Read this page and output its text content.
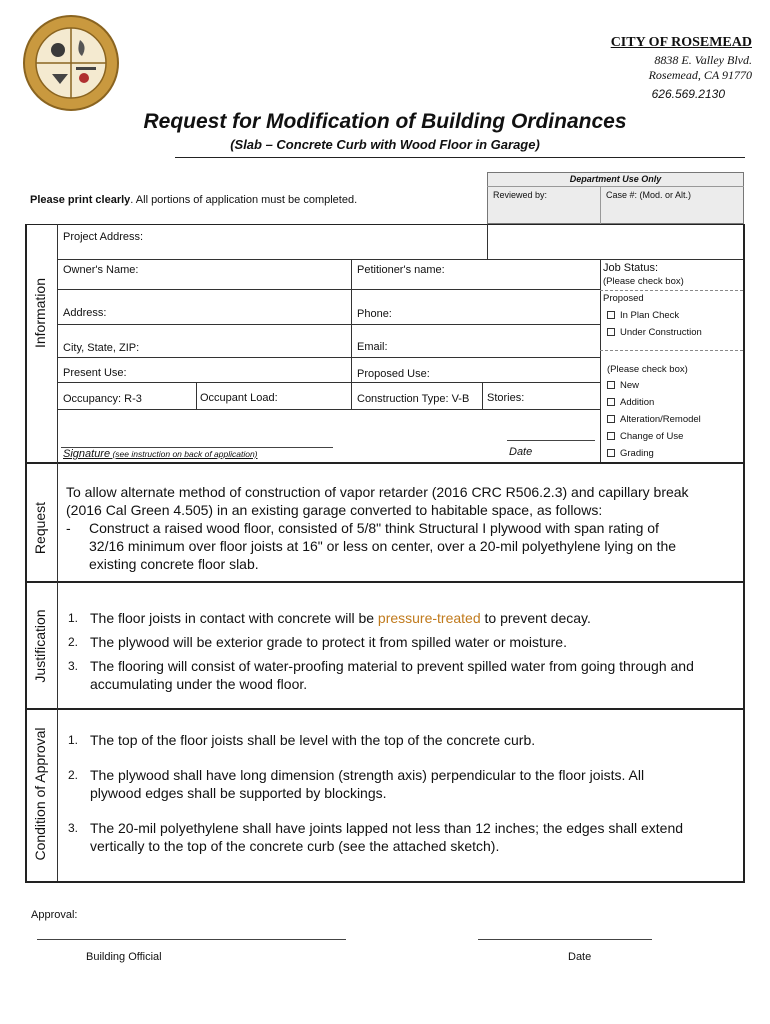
CITY OF ROSEMEAD
8838 E. Valley Blvd.
Rosemead, CA 91770
626.569.2130
Request for Modification of Building Ordinances
(Slab – Concrete Curb with Wood Floor in Garage)
Please print clearly. All portions of application must be completed.
Department Use Only
Reviewed by:	Case #: (Mod. or Alt.)
Information
Project Address:
Owner's Name:	Petitioner's name:
Address:	Phone:
City, State, ZIP:	Email:
Present Use:	Proposed Use:
Occupancy: R-3	Occupant Load:	Construction Type: V-B Stories:
Signature (see instruction on back of application)	Date
Job Status:
(Please check box)
Proposed
In Plan Check
Under Construction
(Please check box)
New
Addition
Alteration/Remodel
Change of Use
Grading
Request
To allow alternate method of construction of vapor retarder (2016 CRC R506.2.3) and capillary break
(2016 Cal Green 4.505) in an existing garage converted to habitable space, as follows:
- Construct a raised wood floor, consisted of 5/8" think Structural I plywood with span rating of
32/16 minimum over floor joists at 16" or less on center, over a 20-mil polyethylene lying on the
existing concrete floor slab.
Justification 1. The floor joists in contact with concrete will be pressure-treated to prevent decay.
2. The plywood will be exterior grade to protect it from spilled water or moisture.
3. The flooring will consist of water-proofing material to prevent spilled water from going through and
accumulating under the wood floor.
Condition of Approval 1. The top of the floor joists shall be level with the top of the concrete curb.
2. The plywood shall have long dimension (strength axis) perpendicular to the floor joists. All
plywood edges shall be supported by blockings.
3. The 20-mil polyethylene shall have joints lapped not less than 12 inches; the edges shall extend
vertically to the top of the concrete curb (see the attached sketch).
Approval:
Building Official	Date
